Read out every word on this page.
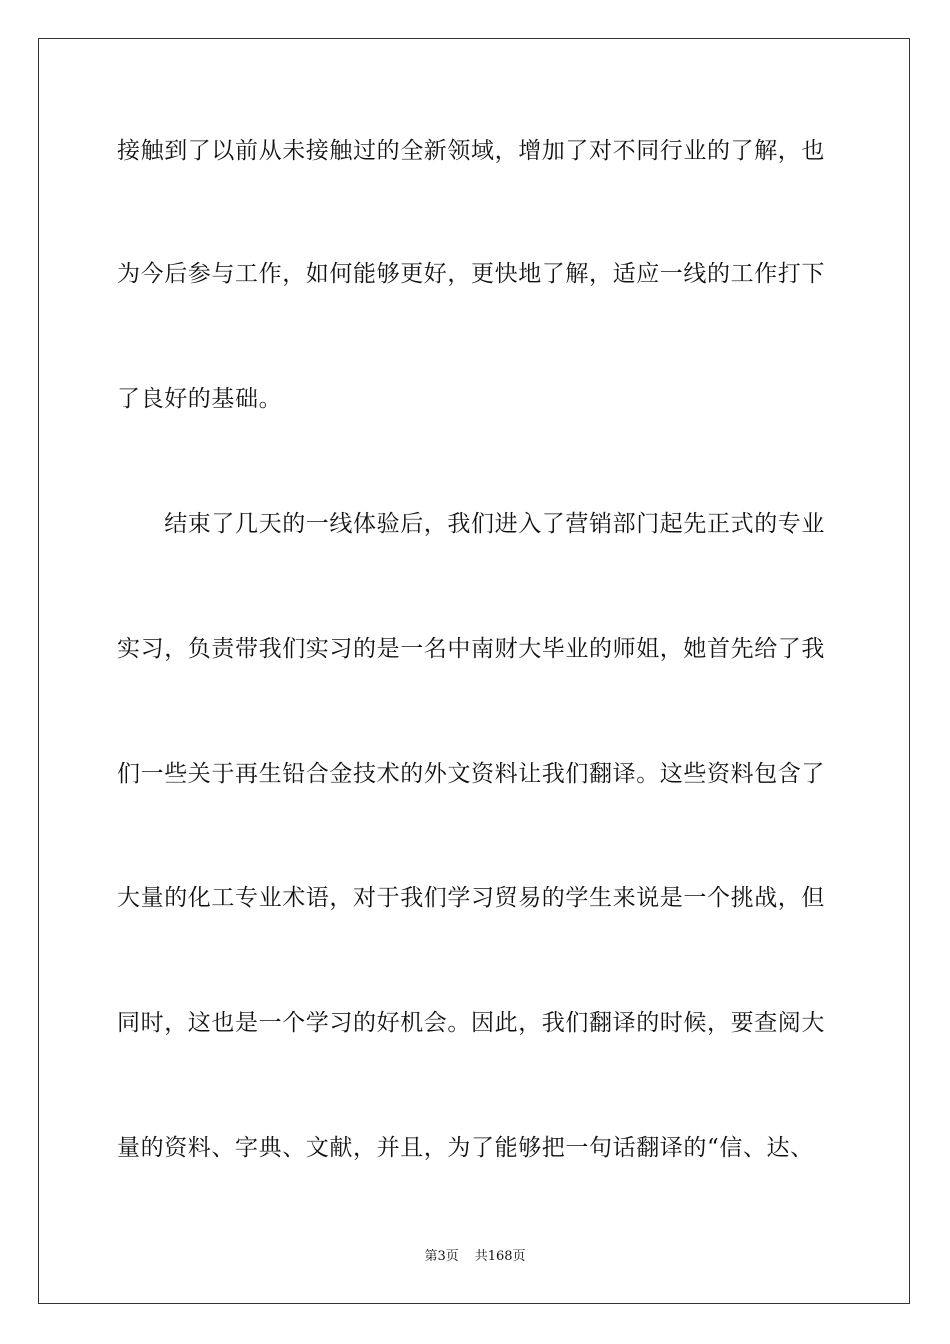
接触到了以前从未接触过的全新领域，增加了对不同行业的了解，也
为今后参与工作，如何能够更好，更快地了解，适应一线的工作打下
了良好的基础。
　　结束了几天的一线体验后，我们进入了营销部门起先正式的专业
实习，负责带我们实习的是一名中南财大毕业的师姐，她首先给了我
们一些关于再生铅合金技术的外文资料让我们翻译。这些资料包含了
大量的化工专业术语，对于我们学习贸易的学生来说是一个挑战，但
同时，这也是一个学习的好机会。因此，我们翻译的时候，要查阅大
量的资料、字典、文献，并且，为了能够把一句话翻译的“信、达、
第3页 共168页
